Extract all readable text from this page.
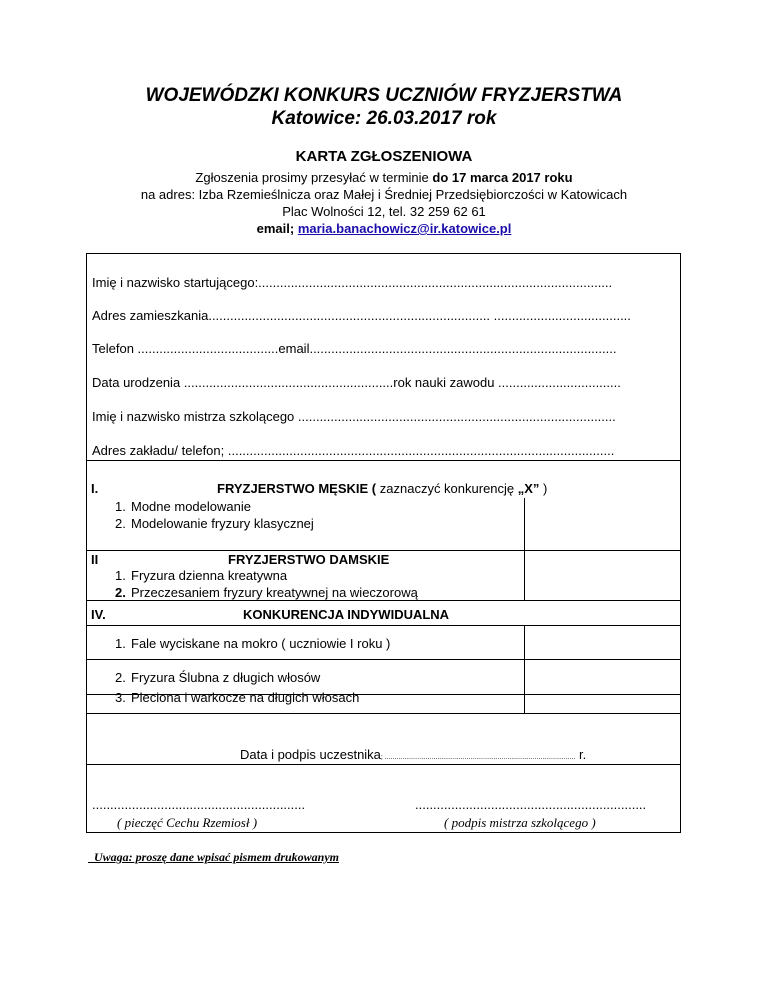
WOJEWÓDZKI KONKURS UCZNIÓW FRYZJERSTWA
Katowice: 26.03.2017 rok
KARTA ZGŁOSZENIOWA
Zgłoszenia prosimy przesyłać w terminie do 17 marca 2017 roku
na adres: Izba Rzemieślnicza oraz Małej i Średniej Przedsiębiorczości w Katowicach
Plac Wolności 12, tel. 32 259 62 61
email; maria.banachowicz@ir.katowice.pl
Imię i nazwisko startującego:..................................................................................................
Adres zamieszkania.............................................................................. ......................................
Telefon .......................................email.....................................................................................
Data urodzenia ..........................................................rok nauki zawodu ..................................
Imię i nazwisko mistrza szkolącego ........................................................................................
Adres zakładu/ telefon; ...........................................................................................................
I.	FRYZJERSTWO MĘSKIE ( zaznaczyć konkurencję „X” )
1. Modne modelowanie
2. Modelowanie fryzury klasycznej
II	FRYZJERSTWO DAMSKIE
1. Fryzura dzienna kreatywna
2. Przeczesaniem fryzury kreatywnej na wieczorową
IV.	KONKURENCJA INDYWIDUALNA
1. Fale wyciskane na mokro ( uczniowie I roku )
2. Fryzura Ślubna z długich włosów
3. Pleciona i warkocze na długich włosach
Data i podpis uczestnika; .................................................................................................. r.
...........................................................
( pieczęć Cechu Rzemiosł )
................................................................
( podpis mistrza szkolącego )
Uwaga: proszę dane wpisać pismem drukowanym
